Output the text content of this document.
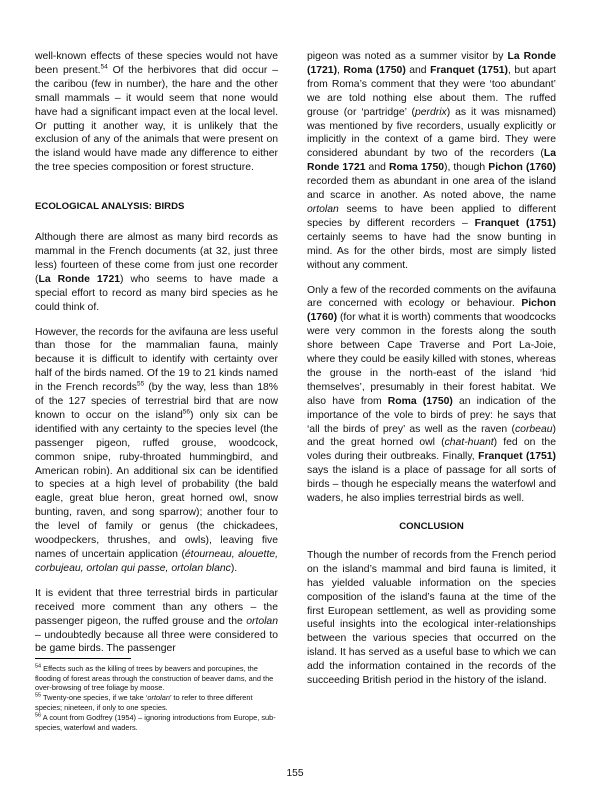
well-known effects of these species would not have been present.$^{54}$ Of the herbivores that did occur – the caribou (few in number), the hare and the other small mammals – it would seem that none would have had a significant impact even at the local level. Or putting it another way, it is unlikely that the exclusion of any of the animals that were present on the island would have made any difference to either the tree species composition or forest structure.

ECOLOGICAL ANALYSIS: BIRDS

Although there are almost as many bird records as mammal in the French documents (at 32, just three less) fourteen of these come from just one recorder (La Ronde 1721) who seems to have made a special effort to record as many bird species as he could think of.

However, the records for the avifauna are less useful than those for the mammalian fauna, mainly because it is difficult to identify with certainty over half of the birds named. Of the 19 to 21 kinds named in the French records$^{55}$ (by the way, less than 18% of the 127 species of terrestrial bird that are now known to occur on the island$^{56}$) only six can be identified with any certainty to the species level (the passenger pigeon, ruffed grouse, woodcock, common snipe, ruby-throated hummingbird, and American robin). An additional six can be identified to species at a high level of probability (the bald eagle, great blue heron, great horned owl, snow bunting, raven, and song sparrow); another four to the level of family or genus (the chickadees, woodpeckers, thrushes, and owls), leaving five names of uncertain application (étourneau, alouette, corbujeau, ortolan qui passe, ortolan blanc).

It is evident that three terrestrial birds in particular received more comment than any others – the passenger pigeon, the ruffed grouse and the ortolan – undoubtedly because all three were considered to be game birds. The passenger

pigeon was noted as a summer visitor by La Ronde (1721), Roma (1750) and Franquet (1751), but apart from Roma’s comment that they were ‘too abundant’ we are told nothing else about them. The ruffed grouse (or ‘partridge’ (perdrix) as it was misnamed) was mentioned by five recorders, usually explicitly or implicitly in the context of a game bird. They were considered abundant by two of the recorders (La Ronde 1721 and Roma 1750), though Pichon (1760) recorded them as abundant in one area of the island and scarce in another. As noted above, the name ortolan seems to have been applied to different species by different recorders – Franquet (1751) certainly seems to have had the snow bunting in mind. As for the other birds, most are simply listed without any comment.

Only a few of the recorded comments on the avifauna are concerned with ecology or behaviour. Pichon (1760) (for what it is worth) comments that woodcocks were very common in the forests along the south shore between Cape Traverse and Port La-Joie, where they could be easily killed with stones, whereas the grouse in the north-east of the island ‘hid themselves’, presumably in their forest habitat. We also have from Roma (1750) an indication of the importance of the vole to birds of prey: he says that ‘all the birds of prey’ as well as the raven (corbeau) and the great horned owl (chat-huant) fed on the voles during their outbreaks. Finally, Franquet (1751) says the island is a place of passage for all sorts of birds – though he especially means the waterfowl and waders, he also implies terrestrial birds as well.

CONCLUSION

Though the number of records from the French period on the island’s mammal and bird fauna is limited, it has yielded valuable information on the species composition of the island’s fauna at the time of the first European settlement, as well as providing some useful insights into the ecological inter-relationships between the various species that occurred on the island. It has served as a useful base to which we can add the information contained in the records of the succeeding British period in the history of the island.

$^{54}$ Effects such as the killing of trees by beavers and porcupines, the flooding of forest areas through the construction of beaver dams, and the over-browsing of tree foliage by moose.
$^{55}$ Twenty-one species, if we take ‘ortolan’ to refer to three different species; nineteen, if only to one species.
$^{56}$ A count from Godfrey (1954) – ignoring introductions from Europe, sub-species, waterfowl and waders.
155
